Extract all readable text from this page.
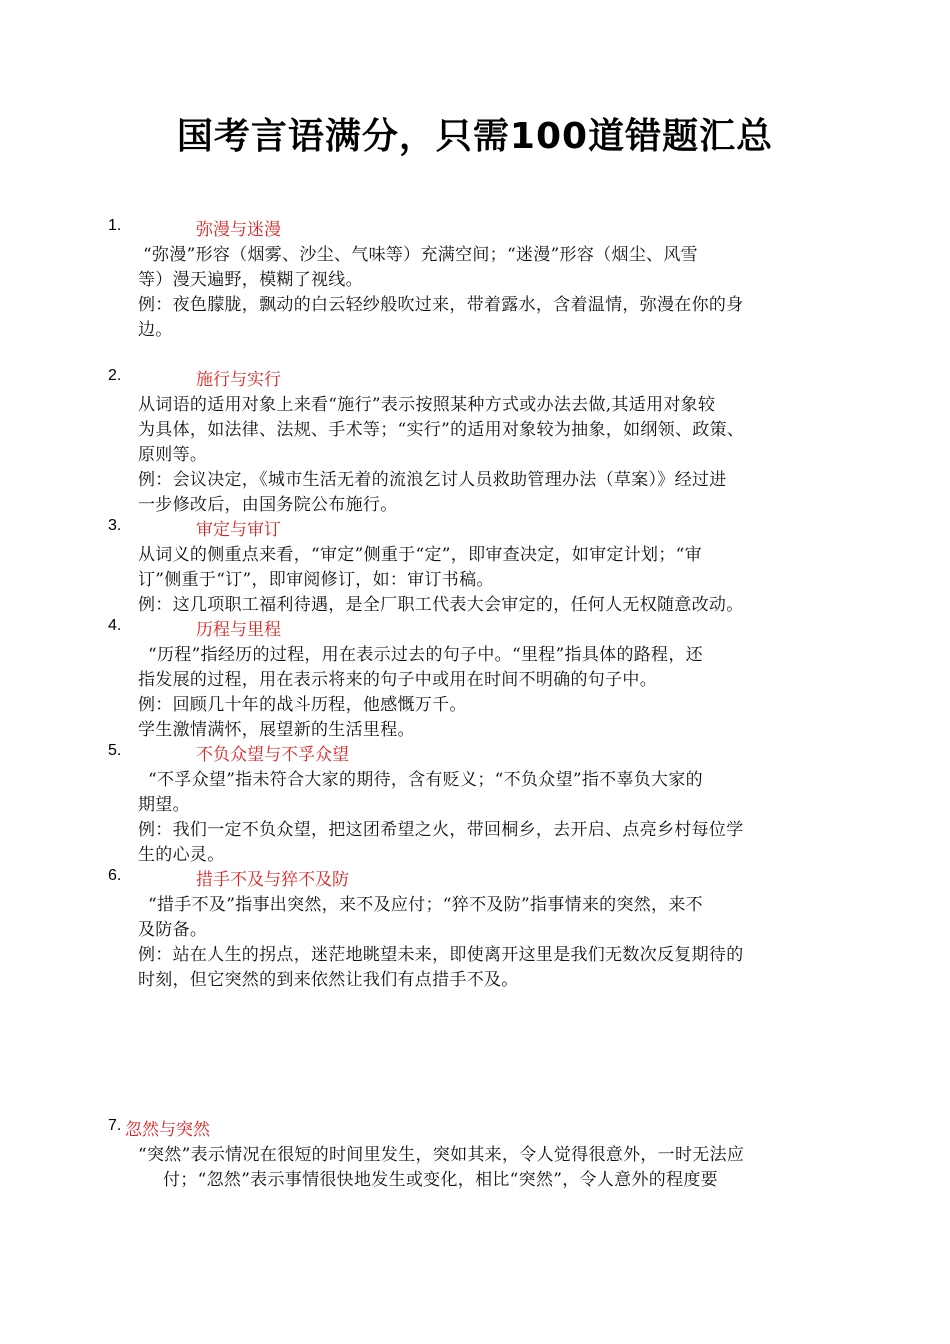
国考言语满分，只需100道错题汇总
1.	弥漫与迷漫
“弥漫”形容（烟雾、沙尘、气味等）充满空间；“迷漫”形容（烟尘、风雪
等）漫天遍野，模糊了视线。
例：夜色朦胧，飘动的白云轻纱般吹过来，带着露水，含着温情，弥漫在你的身
边。
2.	施行与实行
从词语的适用对象上来看“施行”表示按照某种方式或办法去做,其适用对象较
为具体，如法律、法规、手术等；“实行”的适用对象较为抽象，如纲领、政策、
原则等。
例：会议决定，《城市生活无着的流浪乞讨人员救助管理办法（草案）》经过进
一步修改后，由国务院公布施行。
3.	审定与审订
从词义的侧重点来看，“审定”侧重于“定”，即审查决定，如审定计划；“审
订”侧重于“订”，即审阅修订，如：审订书稿。
例：这几项职工福利待遇，是全厂职工代表大会审定的，任何人无权随意改动。
4.	历程与里程
“历程”指经历的过程，用在表示过去的句子中。“里程”指具体的路程，还
指发展的过程，用在表示将来的句子中或用在时间不明确的句子中。
例：回顾几十年的战斗历程，他感慨万千。
学生激情满怀，展望新的生活里程。
5.	不负众望与不孚众望
“不孚众望”指未符合大家的期待，含有贬义；“不负众望”指不辜负大家的
期望。
例：我们一定不负众望，把这团希望之火，带回桐乡，去开启、点亮乡村每位学
生的心灵。
6.	措手不及与猝不及防
“措手不及”指事出突然，来不及应付；“猝不及防”指事情来的突然，来不
及防备。
例：站在人生的拐点，迷茫地眺望未来，即使离开这里是我们无数次反复期待的
时刻，但它突然的到来依然让我们有点措手不及。
7. 忽然与突然
“突然”表示情况在很短的时间里发生，突如其来，令人觉得很意外，一时无法应
付；“忽然”表示事情很快地发生或变化，相比“突然”，令人意外的程度要
